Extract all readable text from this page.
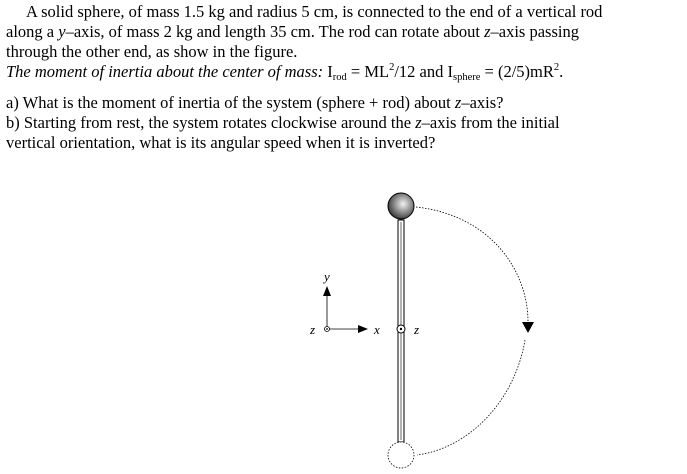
A solid sphere, of mass 1.5 kg and radius 5 cm, is connected to the end of a vertical rod
along a y–axis, of mass 2 kg and length 35 cm. The rod can rotate about z–axis passing
through the other end, as show in the figure.
The moment of inertia about the center of mass: $I_{rod} = ML^2/12$ and $I_{sphere} = (2/5)mR^2$.
a) What is the moment of inertia of the system (sphere + rod) about z–axis?
b) Starting from rest, the system rotates clockwise around the z–axis from the initial
vertical orientation, what is its angular speed when it is inverted?
z
y
x
z
